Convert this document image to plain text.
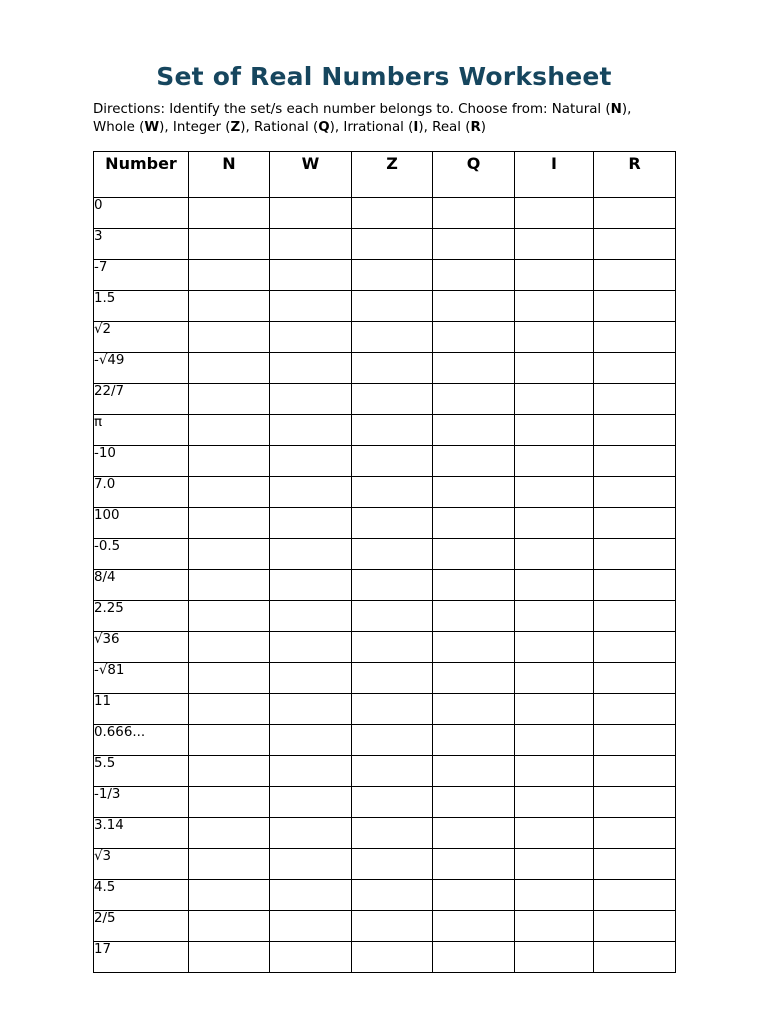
Set of Real Numbers Worksheet

Directions: Identify the set/s each number belongs to. Choose from: Natural (N),
Whole (W), Integer (Z), Rational (Q), Irrational (I), Real (R)

Number	N	W	Z	Q	I	R
0						
3						
-7						
1.5						
√2						
-√49						
22/7						
π						
-10						
7.0						
100						
-0.5						
8/4						
2.25						
√36						
-√81						
11						
0.666...						
5.5						
-1/3						
3.14						
√3						
4.5						
2/5						
17						
